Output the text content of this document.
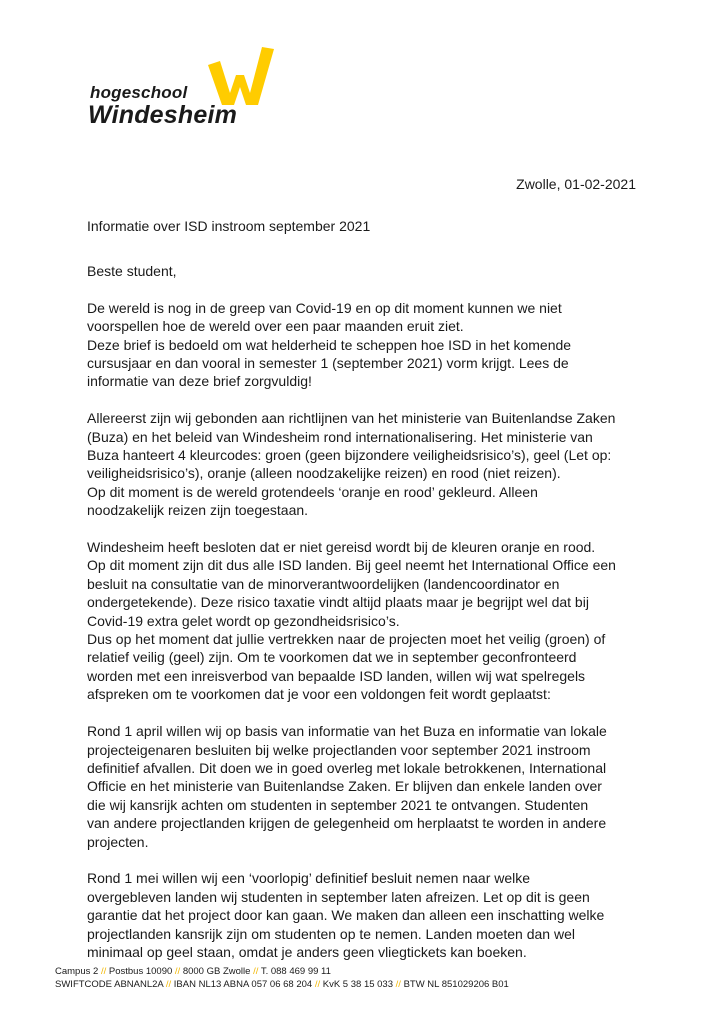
hogeschool
Windesheim
Zwolle, 01-02-2021
Informatie over ISD instroom september 2021

Beste student,

De wereld is nog in de greep van Covid-19 en op dit moment kunnen we niet
voorspellen hoe de wereld over een paar maanden eruit ziet.
Deze brief is bedoeld om wat helderheid te scheppen hoe ISD in het komende
cursusjaar en dan vooral in semester 1 (september 2021) vorm krijgt. Lees de
informatie van deze brief zorgvuldig!

Allereerst zijn wij gebonden aan richtlijnen van het ministerie van Buitenlandse Zaken
(Buza) en het beleid van Windesheim rond internationalisering. Het ministerie van
Buza hanteert 4 kleurcodes: groen (geen bijzondere veiligheidsrisico’s), geel (Let op:
veiligheidsrisico’s), oranje (alleen noodzakelijke reizen) en rood (niet reizen).
Op dit moment is de wereld grotendeels ‘oranje en rood’ gekleurd. Alleen
noodzakelijk reizen zijn toegestaan.

Windesheim heeft besloten dat er niet gereisd wordt bij de kleuren oranje en rood.
Op dit moment zijn dit dus alle ISD landen. Bij geel neemt het International Office een
besluit na consultatie van de minorverantwoordelijken (landencoordinator en
ondergetekende). Deze risico taxatie vindt altijd plaats maar je begrijpt wel dat bij
Covid-19 extra gelet wordt op gezondheidsrisico’s.
Dus op het moment dat jullie vertrekken naar de projecten moet het veilig (groen) of
relatief veilig (geel) zijn. Om te voorkomen dat we in september geconfronteerd
worden met een inreisverbod van bepaalde ISD landen, willen wij wat spelregels
afspreken om te voorkomen dat je voor een voldongen feit wordt geplaatst:

Rond 1 april willen wij op basis van informatie van het Buza en informatie van lokale
projecteigenaren besluiten bij welke projectlanden voor september 2021 instroom
definitief afvallen. Dit doen we in goed overleg met lokale betrokkenen, International
Officie en het ministerie van Buitenlandse Zaken. Er blijven dan enkele landen over
die wij kansrijk achten om studenten in september 2021 te ontvangen. Studenten
van andere projectlanden krijgen de gelegenheid om herplaatst te worden in andere
projecten.

Rond 1 mei willen wij een ‘voorlopig’ definitief besluit nemen naar welke
overgebleven landen wij studenten in september laten afreizen. Let op dit is geen
garantie dat het project door kan gaan. We maken dan alleen een inschatting welke
projectlanden kansrijk zijn om studenten op te nemen. Landen moeten dan wel
minimaal op geel staan, omdat je anders geen vliegtickets kan boeken.

Campus 2 // Postbus 10090 // 8000 GB Zwolle // T. 088 469 99 11
SWIFTCODE ABNANL2A // IBAN NL13 ABNA 057 06 68 204 // KvK 5 38 15 033 // BTW NL 851029206 B01
